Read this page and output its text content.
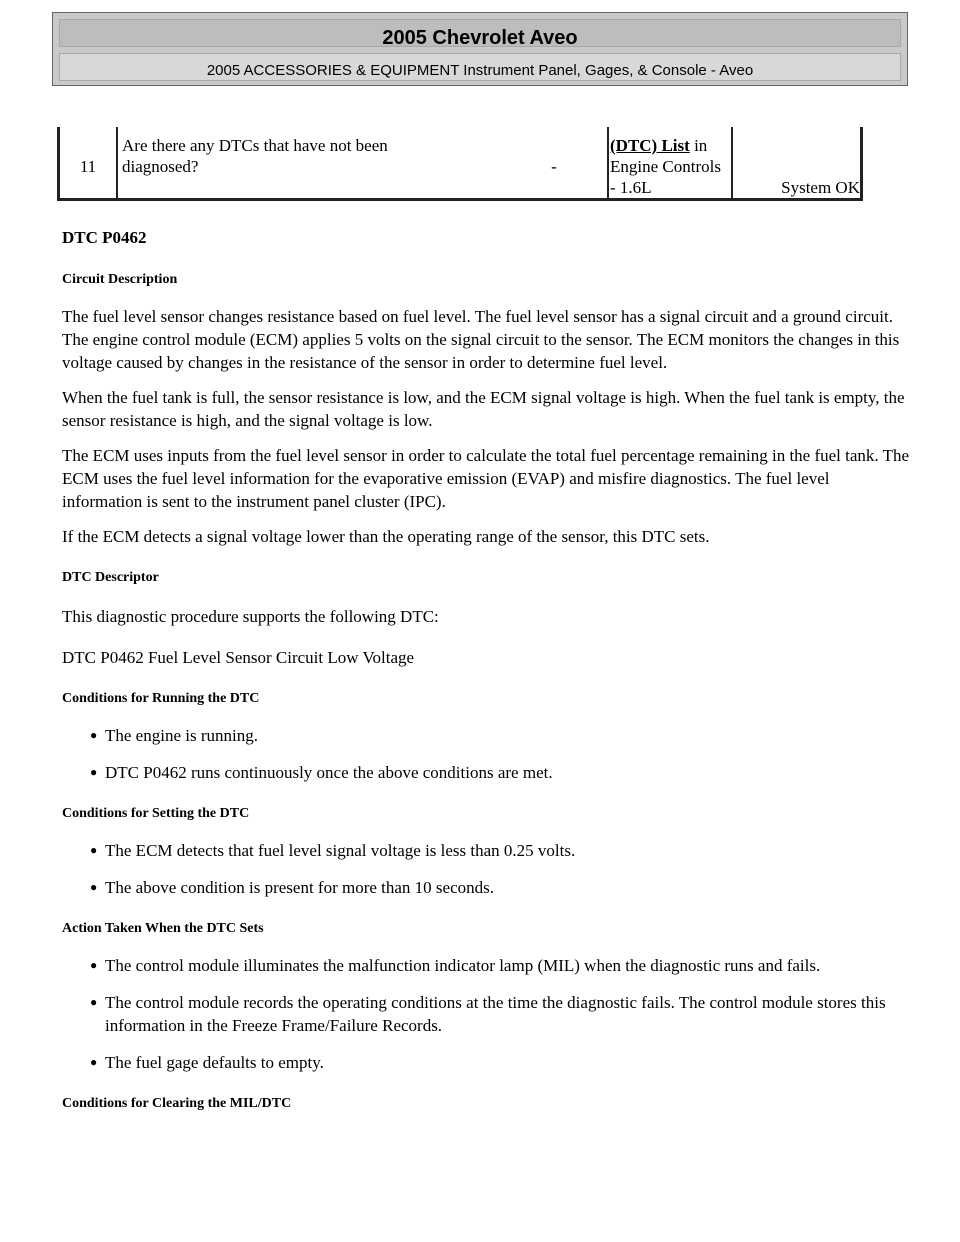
2005 Chevrolet Aveo
2005 ACCESSORIES & EQUIPMENT Instrument Panel, Gages, & Console - Aveo
11
Are there any DTCs that have not been
diagnosed?	-
(DTC) List in
Engine Controls
- 1.6L	System OK
DTC P0462
Circuit Description

The fuel level sensor changes resistance based on fuel level. The fuel level sensor has a signal circuit and a ground circuit. The engine control module (ECM) applies 5 volts on the signal circuit to the sensor. The ECM monitors the changes in this voltage caused by changes in the resistance of the sensor in order to determine fuel level.

When the fuel tank is full, the sensor resistance is low, and the ECM signal voltage is high. When the fuel tank is empty, the sensor resistance is high, and the signal voltage is low.

The ECM uses inputs from the fuel level sensor in order to calculate the total fuel percentage remaining in the fuel tank. The ECM uses the fuel level information for the evaporative emission (EVAP) and misfire diagnostics. The fuel level information is sent to the instrument panel cluster (IPC).

If the ECM detects a signal voltage lower than the operating range of the sensor, this DTC sets.

DTC Descriptor

This diagnostic procedure supports the following DTC:

DTC P0462 Fuel Level Sensor Circuit Low Voltage

Conditions for Running the DTC
● The engine is running.
● DTC P0462 runs continuously once the above conditions are met.
Conditions for Setting the DTC
● The ECM detects that fuel level signal voltage is less than 0.25 volts.
● The above condition is present for more than 10 seconds.
Action Taken When the DTC Sets
● The control module illuminates the malfunction indicator lamp (MIL) when the diagnostic runs and fails.
● The control module records the operating conditions at the time the diagnostic fails. The control module stores this information in the Freeze Frame/Failure Records.
● The fuel gage defaults to empty.
Conditions for Clearing the MIL/DTC
